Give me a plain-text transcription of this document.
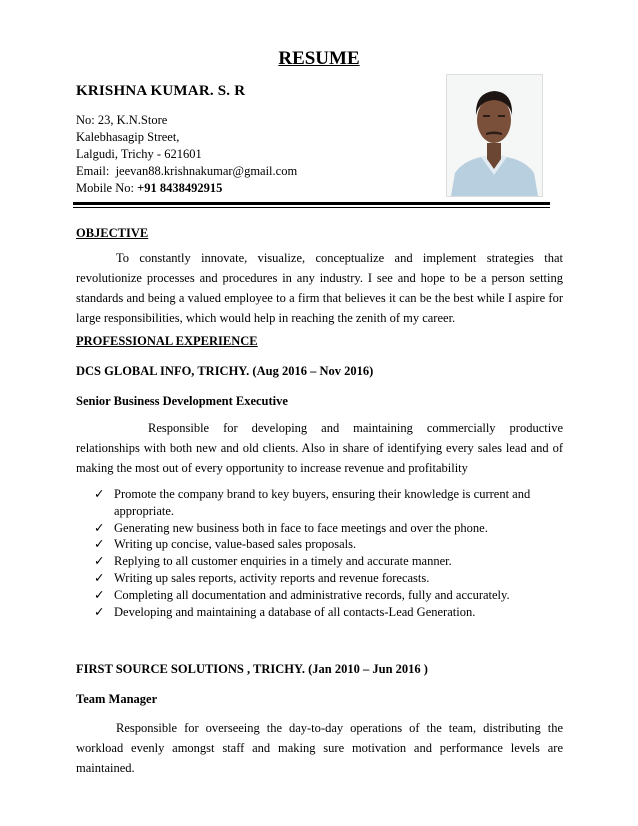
RESUME
KRISHNA KUMAR. S. R
No: 23, K.N.Store
Kalebhasagip Street,
Lalgudi, Trichy - 621601
Email: jeevan88.krishnakumar@gmail.com
Mobile No: +91 8438492915
OBJECTIVE
To constantly innovate, visualize, conceptualize and implement strategies that revolutionize processes and procedures in any industry. I see and hope to be a person setting standards and being a valued employee to a firm that believes it can be the best while I aspire for large responsibilities, which would help in reaching the zenith of my career.
PROFESSIONAL EXPERIENCE
DCS GLOBAL INFO, TRICHY. (Aug 2016 – Nov 2016)
Senior Business Development Executive
Responsible for developing and maintaining commercially productive relationships with both new and old clients. Also in share of identifying every sales lead and of making the most out of every opportunity to increase revenue and profitability
✓ Promote the company brand to key buyers, ensuring their knowledge is current and appropriate.
✓ Generating new business both in face to face meetings and over the phone.
✓ Writing up concise, value-based sales proposals.
✓ Replying to all customer enquiries in a timely and accurate manner.
✓ Writing up sales reports, activity reports and revenue forecasts.
✓ Completing all documentation and administrative records, fully and accurately.
✓ Developing and maintaining a database of all contacts-Lead Generation.
FIRST SOURCE SOLUTIONS , TRICHY. (Jan 2010 – Jun 2016 )
Team Manager
Responsible for overseeing the day-to-day operations of the team, distributing the workload evenly amongst staff and making sure motivation and performance levels are maintained.
